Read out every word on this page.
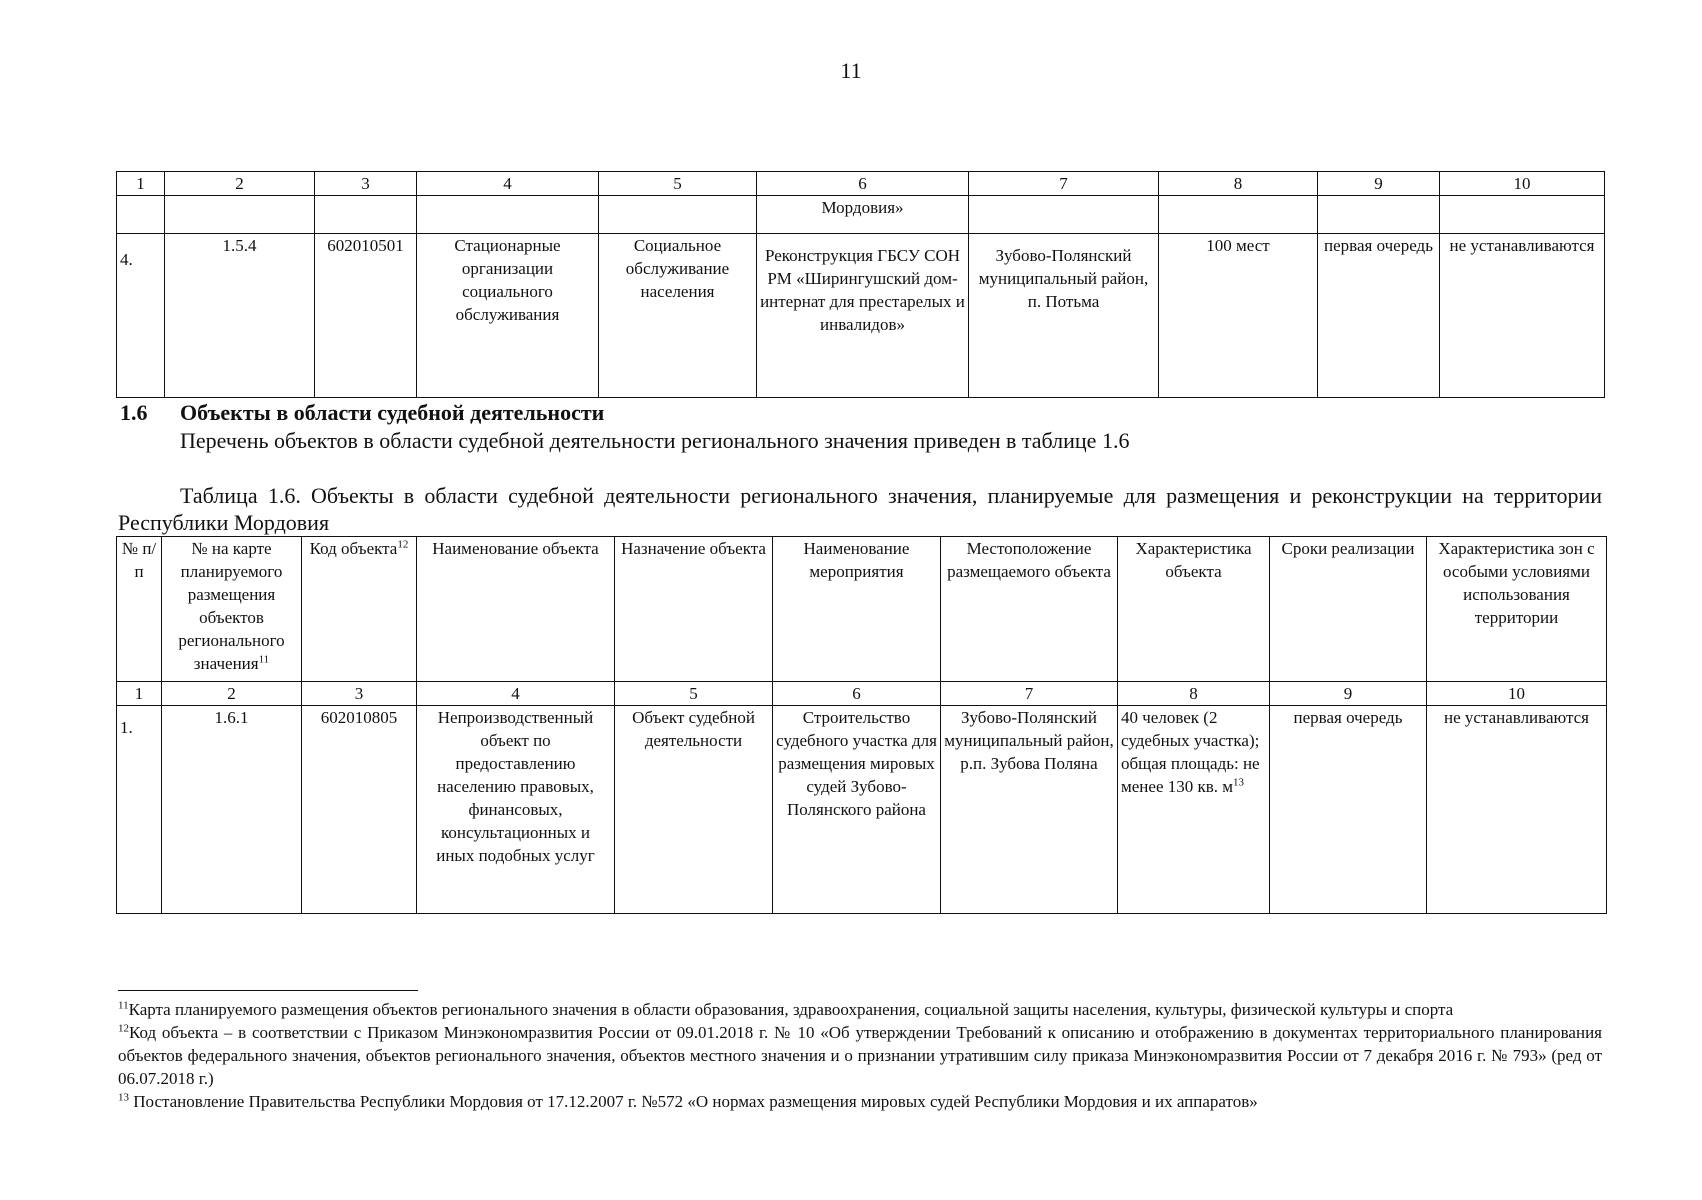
11
1	2	3	4	5	6	7	8	9	10
					Мордовия»				
4.	1.5.4	602010501	Стационарные организации социального обслуживания	Социальное обслуживание населения	Реконструкция ГБСУ СОН РМ «Ширингушский дом-интернат для престарелых и инвалидов»	Зубово-Полянский муниципальный район, п. Потьма	100 мест	первая очередь	не устанавливаются
1.6 Объекты в области судебной деятельности
Перечень объектов в области судебной деятельности регионального значения приведен в таблице 1.6
Таблица 1.6. Объекты в области судебной деятельности регионального значения, планируемые для размещения и реконструкции на территории Республики Мордовия
№ п/п	№ на карте планируемого размещения объектов регионального значения$^{11}$	Код объекта$^{12}$	Наименование объекта	Назначение объекта	Наименование мероприятия	Местоположение размещаемого объекта	Характеристика объекта	Сроки реализации	Характеристика зон с особыми условиями использования территории
1	2	3	4	5	6	7	8	9	10
1.	1.6.1	602010805	Непроизводственный объект по предоставлению населению правовых, финансовых, консультационных и иных подобных услуг	Объект судебной деятельности	Строительство судебного участка для размещения мировых судей Зубово-Полянского района	Зубово-Полянский муниципальный район, р.п. Зубова Поляна	40 человек (2 судебных участка); общая площадь: не менее 130 кв. $м^{13}$	первая очередь	не устанавливаются

$^{11}$Карта планируемого размещения объектов регионального значения в области образования, здравоохранения, социальной защиты населения, культуры, физической культуры и спорта

$^{12}$Код объекта – в соответствии с Приказом Минэкономразвития России от 09.01.2018 г. № 10 «Об утверждении Требований к описанию и отображению в документах территориального планирования объектов федерального значения, объектов регионального значения, объектов местного значения и о признании утратившим силу приказа Минэкономразвития России от 7 декабря 2016 г. № 793» (ред от 06.07.2018 г.)

$^{13}$ Постановление Правительства Республики Мордовия от 17.12.2007 г. №572 «О нормах размещения мировых судей Республики Мордовия и их аппаратов»
